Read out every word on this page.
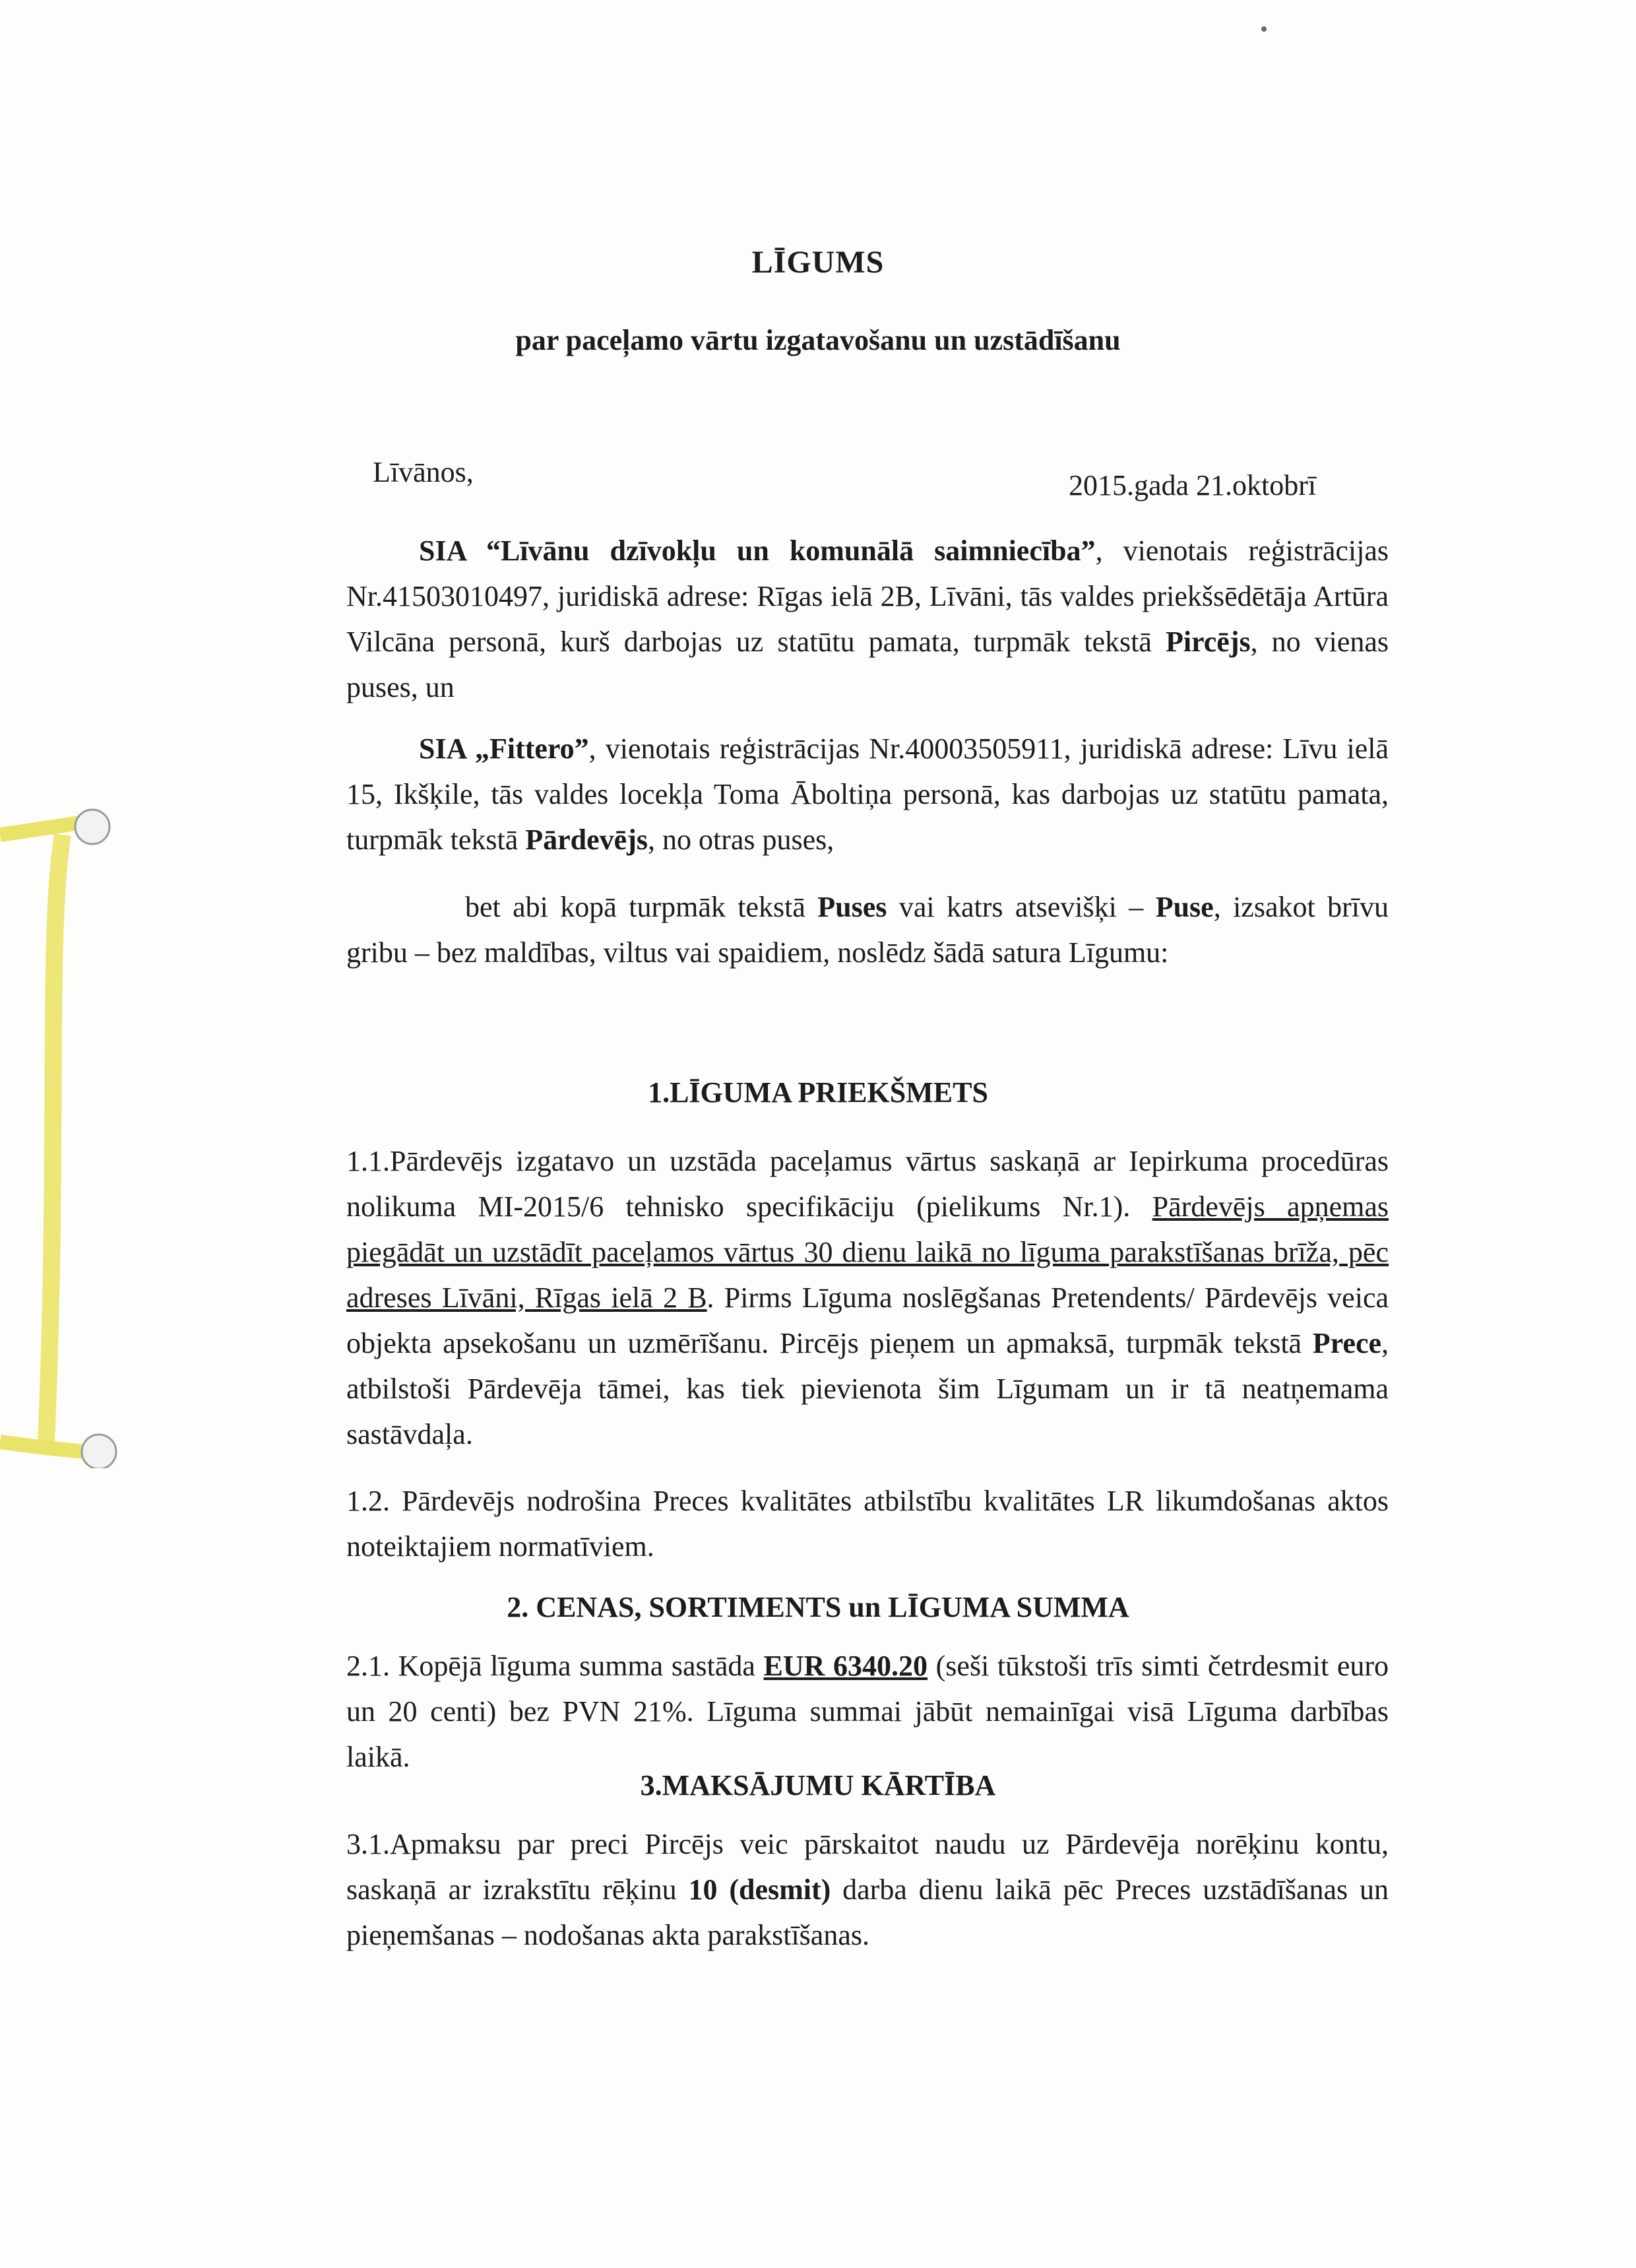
LĪGUMS
par paceļamo vārtu izgatavošanu un uzstādīšanu
Līvānos,	2015.gada 21.oktobrī

SIA “Līvānu dzīvokļu un komunālā saimniecība”, vienotais reģistrācijas Nr.41503010497, juridiskā adrese: Rīgas ielā 2B, Līvāni, tās valdes priekšsēdētāja Artūra Vilcāna personā, kurš darbojas uz statūtu pamata, turpmāk tekstā Pircējs, no vienas puses, un

SIA „Fittero”, vienotais reģistrācijas Nr.40003505911, juridiskā adrese: Līvu ielā 15, Ikšķile, tās valdes locekļa Toma Āboltiņa personā, kas darbojas uz statūtu pamata, turpmāk tekstā Pārdevējs, no otras puses,

bet abi kopā turpmāk tekstā Puses vai katrs atsevišķi – Puse, izsakot brīvu gribu – bez maldības, viltus vai spaidiem, noslēdz šādā satura Līgumu:

1.LĪGUMA PRIEKŠMETS

1.1.Pārdevējs izgatavo un uzstāda paceļamus vārtus saskaņā ar Iepirkuma procedūras nolikuma MI-2015/6 tehnisko specifikāciju (pielikums Nr.1). Pārdevējs apņemas piegādāt un uzstādīt paceļamos vārtus 30 dienu laikā no līguma parakstīšanas brīža, pēc adreses Līvāni, Rīgas ielā 2 B. Pirms Līguma noslēgšanas Pretendents/ Pārdevējs veica objekta apsekošanu un uzmērīšanu. Pircējs pieņem un apmaksā, turpmāk tekstā Prece, atbilstoši Pārdevēja tāmei, kas tiek pievienota šim Līgumam un ir tā neatņemama sastāvdaļa.

1.2. Pārdevējs nodrošina Preces kvalitātes atbilstību kvalitātes LR likumdošanas aktos noteiktajiem normatīviem.

2. CENAS, SORTIMENTS un LĪGUMA SUMMA

2.1. Kopējā līguma summa sastāda EUR 6340.20 (seši tūkstoši trīs simti četrdesmit euro un 20 centi) bez PVN 21%. Līguma summai jābūt nemainīgai visā Līguma darbības laikā.

3.MAKSĀJUMU KĀRTĪBA

3.1.Apmaksu par preci Pircējs veic pārskaitot naudu uz Pārdevēja norēķinu kontu, saskaņā ar izrakstītu rēķinu 10 (desmit) darba dienu laikā pēc Preces uzstādīšanas un pieņemšanas – nodošanas akta parakstīšanas.
